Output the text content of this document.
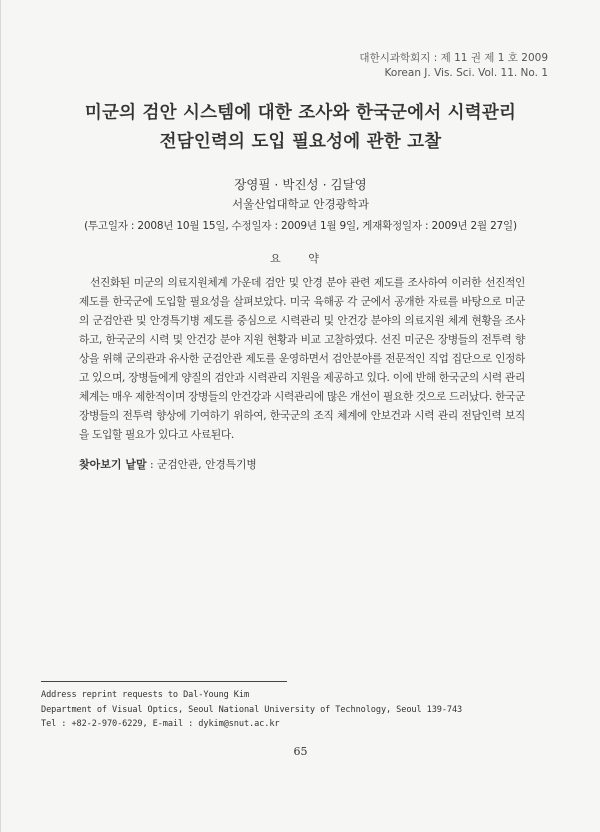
대한시과학회지 : 제 11 권 제 1 호 2009
Korean J. Vis. Sci. Vol. 11. No. 1
미군의 검안 시스템에 대한 조사와 한국군에서 시력관리
전담인력의 도입 필요성에 관한 고찰
장영필 · 박진성 · 김달영
서울산업대학교 안경광학과
(투고일자 : 2008년 10월 15일, 수정일자 : 2009년 1월 9일, 게재확정일자 : 2009년 2월 27일)
요 약

선진화된 미군의 의료지원체계 가운데 검안 및 안경 분야 관련 제도를 조사하여 이러한 선진적인 제도를 한국군에 도입할 필요성을 살펴보았다. 미국 육해공 각 군에서 공개한 자료를 바탕으로 미군의 군검안관 및 안경특기병 제도를 중심으로 시력관리 및 안건강 분야의 의료지원 체계 현황을 조사하고, 한국군의 시력 및 안건강 분야 지원 현황과 비교 고찰하였다. 선진 미군은 장병들의 전투력 향상을 위해 군의관과 유사한 군검안관 제도를 운영하면서 검안분야를 전문적인 직업 집단으로 인정하고 있으며, 장병들에게 양질의 검안과 시력관리 지원을 제공하고 있다. 이에 반해 한국군의 시력 관리 체계는 매우 제한적이며 장병들의 안건강과 시력관리에 많은 개선이 필요한 것으로 드러났다. 한국군 장병들의 전투력 향상에 기여하기 위하여, 한국군의 조직 체계에 안보건과 시력 관리 전담인력 보직을 도입할 필요가 있다고 사료된다.

찾아보기 낱말 : 군검안관, 안경특기병
Address reprint requests to Dal-Young Kim
Department of Visual Optics, Seoul National University of Technology, Seoul 139-743
Tel : +82-2-970-6229, E-mail : dykim@snut.ac.kr
65
